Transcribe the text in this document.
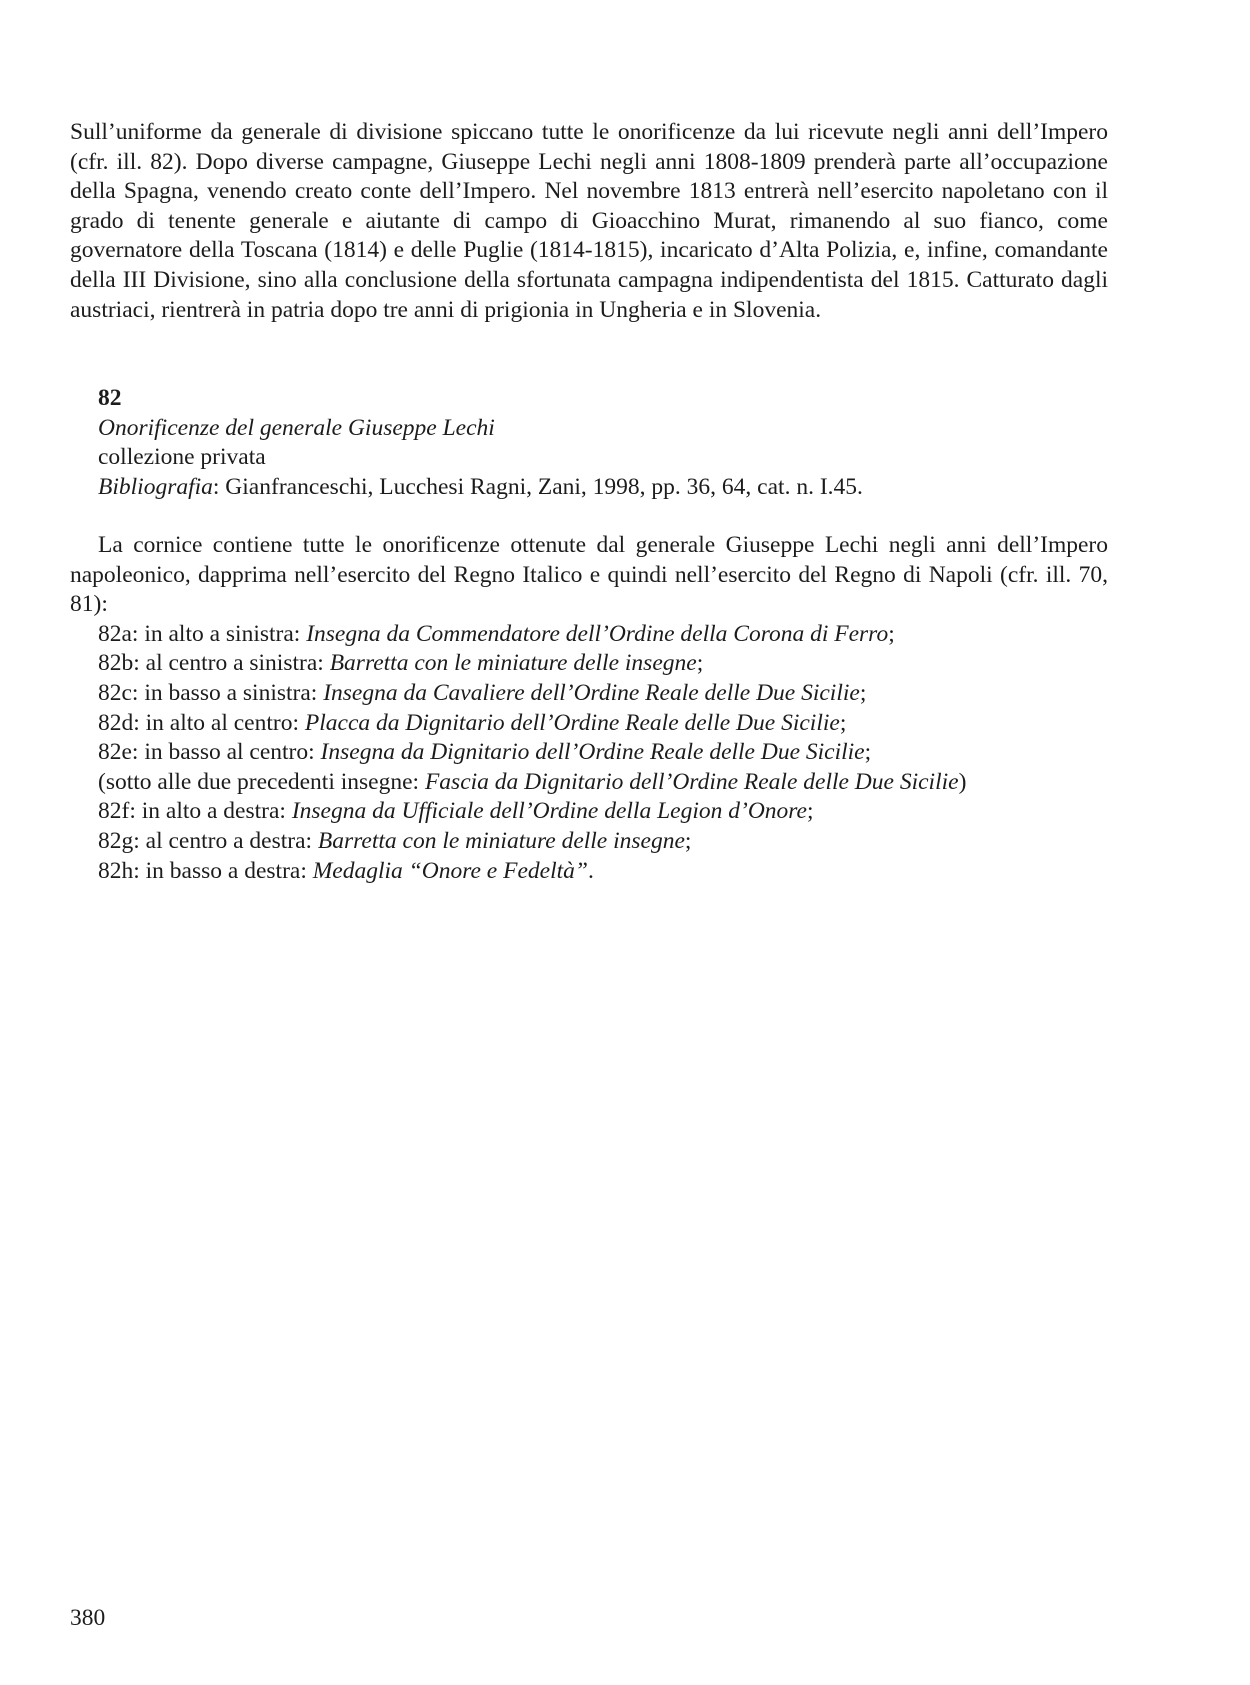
Sull’uniforme da generale di divisione spiccano tutte le onorificenze da lui ricevute negli anni dell’Impero (cfr. ill. 82). Dopo diverse campagne, Giuseppe Lechi negli anni 1808-1809 prenderà parte all’occupazione della Spagna, venendo creato conte dell’Impero. Nel novembre 1813 entrerà nell’esercito napoletano con il grado di tenente generale e aiutante di campo di Gioacchino Murat, rimanendo al suo fianco, come governatore della Toscana (1814) e delle Puglie (1814-1815), incaricato d’Alta Polizia, e, infine, comandante della III Divisione, sino alla conclusione della sfortunata campagna indipendentista del 1815. Catturato dagli austriaci, rientrerà in patria dopo tre anni di prigionia in Ungheria e in Slovenia.

82
Onorificenze del generale Giuseppe Lechi
collezione privata
Bibliografia: Gianfranceschi, Lucchesi Ragni, Zani, 1998, pp. 36, 64, cat. n. I.45.

La cornice contiene tutte le onorificenze ottenute dal generale Giuseppe Lechi negli anni dell’Impero napoleonico, dapprima nell’esercito del Regno Italico e quindi nell’esercito del Regno di Napoli (cfr. ill. 70, 81):

82a: in alto a sinistra: Insegna da Commendatore dell’Ordine della Corona di Ferro;
82b: al centro a sinistra: Barretta con le miniature delle insegne;
82c: in basso a sinistra: Insegna da Cavaliere dell’Ordine Reale delle Due Sicilie;
82d: in alto al centro: Placca da Dignitario dell’Ordine Reale delle Due Sicilie;
82e: in basso al centro: Insegna da Dignitario dell’Ordine Reale delle Due Sicilie;
(sotto alle due precedenti insegne: Fascia da Dignitario dell’Ordine Reale delle Due Sicilie)
82f: in alto a destra: Insegna da Ufficiale dell’Ordine della Legion d’Onore;
82g: al centro a destra: Barretta con le miniature delle insegne;
82h: in basso a destra: Medaglia “Onore e Fedeltà”.
380
